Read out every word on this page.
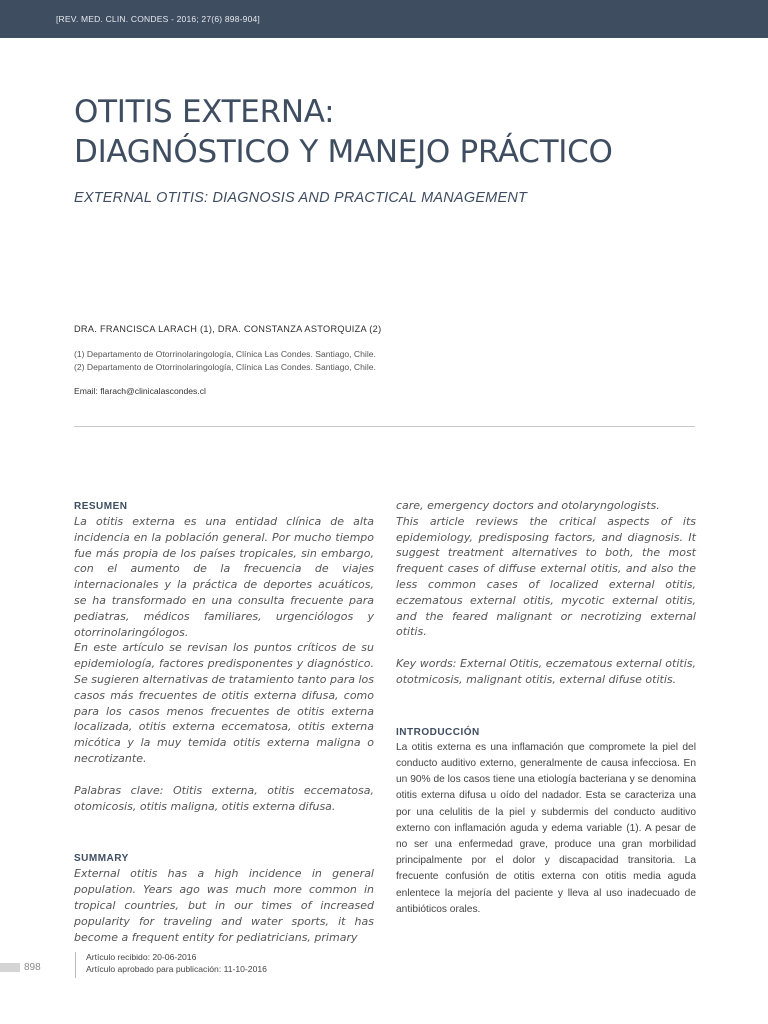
[REV. MED. CLIN. CONDES - 2016; 27(6) 898-904]
OTITIS EXTERNA:
DIAGNÓSTICO Y MANEJO PRÁCTICO
EXTERNAL OTITIS: DIAGNOSIS AND PRACTICAL MANAGEMENT
DRA. FRANCISCA LARACH (1), DRA. CONSTANZA ASTORQUIZA (2)
(1) Departamento de Otorrinolaringología, Clínica Las Condes. Santiago, Chile.
(2) Departamento de Otorrinolaringología, Clínica Las Condes. Santiago, Chile.
Email: flarach@clinicalascondes.cl
RESUMEN

La otitis externa es una entidad clínica de alta incidencia en la población general. Por mucho tiempo fue más propia de los países tropicales, sin embargo, con el aumento de la frecuencia de viajes internacionales y la práctica de deportes acuáticos, se ha transformado en una consulta frecuente para pediatras, médicos familiares, urgenciólogos y otorrinolaringólogos.

En este artículo se revisan los puntos críticos de su epidemiología, factores predisponentes y diagnóstico. Se sugieren alternativas de tratamiento tanto para los casos más frecuentes de otitis externa difusa, como para los casos menos frecuentes de otitis externa localizada, otitis externa eccematosa, otitis externa micótica y la muy temida otitis externa maligna o necrotizante.

Palabras clave: Otitis externa, otitis eccematosa, otomicosis, otitis maligna, otitis externa difusa.

SUMMARY

External otitis has a high incidence in general population. Years ago was much more common in tropical countries, but in our times of increased popularity for traveling and water sports, it has become a frequent entity for pediatricians, primary

care, emergency doctors and otolaryngologists.

This article reviews the critical aspects of its epidemiology, predisposing factors, and diagnosis. It suggest treatment alternatives to both, the most frequent cases of diffuse external otitis, and also the less common cases of localized external otitis, eczematous external otitis, mycotic external otitis, and the feared malignant or necrotizing external otitis.

Key words: External Otitis, eczematous external otitis, ototmicosis, malignant otitis, external difuse otitis.

INTRODUCCIÓN

La otitis externa es una inflamación que compromete la piel del conducto auditivo externo, generalmente de causa infecciosa. En un 90% de los casos tiene una etiología bacteriana y se denomina otitis externa difusa u oído del nadador. Esta se caracteriza una por una celulitis de la piel y subdermis del conducto auditivo externo con inflamación aguda y edema variable (1). A pesar de no ser una enfermedad grave, produce una gran morbilidad principalmente por el dolor y discapacidad transitoria. La frecuente confusión de otitis externa con otitis media aguda enlentece la mejoría del paciente y lleva al uso inadecuado de antibióticos orales.

898
Artículo recibido: 20-06-2016
Artículo aprobado para publicación: 11-10-2016
